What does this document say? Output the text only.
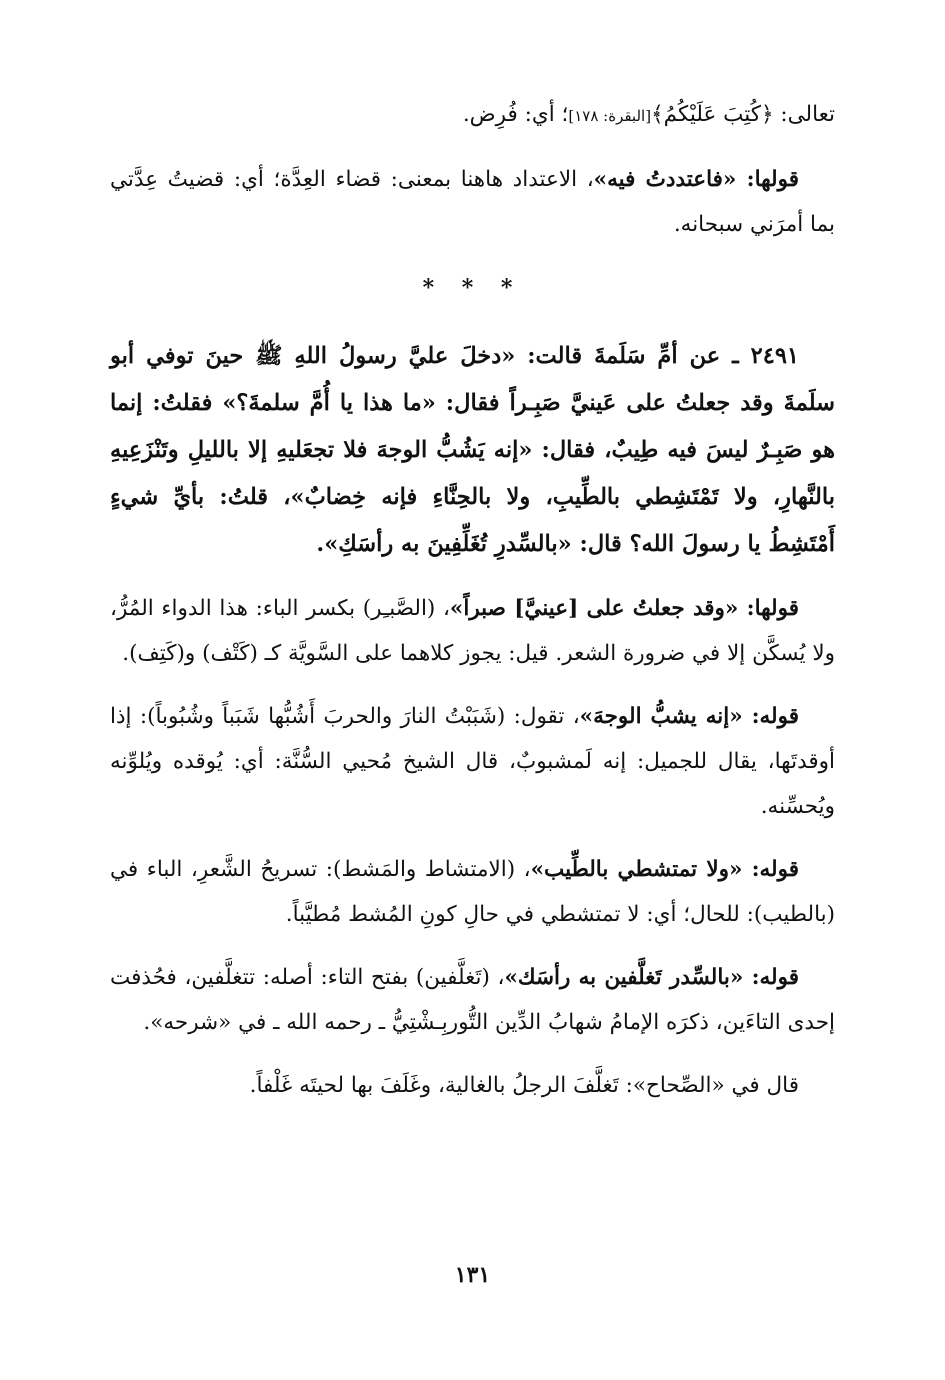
تعالى: ﴿كُتِبَ عَلَيْكُمُ﴾[البقرة: ١٧٨]؛ أي: فُرِض.

قولها: «فاعتددتُ فيه»، الاعتداد هاهنا بمعنى: قضاء العِدَّة؛ أي: قضيتُ عِدَّتي بما أمرَني سبحانه.

* * *

٢٤٩١ ـ عن أمِّ سَلَمةَ قالت: «دخلَ عليَّ رسولُ اللهِ ﷺ حينَ توفي أبو سلَمةَ وقد جعلتُ على عَينيَّ صَبِـراً فقال: «ما هذا يا أُمَّ سلمةَ؟» فقلتُ: إنما هو صَبِـرٌ ليسَ فيه طِيبٌ، فقال: «إنه يَشُبُّ الوجهَ فلا تجعَليهِ إلا بالليلِ وتَنْزَعِيهِ بالنَّهارِ، ولا تَمْتَشِطي بالطِّيبِ، ولا بالحِنَّاءِ فإنه خِضابٌ»، قلتُ: بأيِّ شيءٍ أَمْتَشِطُ يا رسولَ الله؟ قال: «بالسِّدرِ تُغَلِّفِينَ به رأسَكِ».

قولها: «وقد جعلتُ على [عينيَّ] صبراً»، (الصَّبـِر) بكسر الباء: هذا الدواء المُرُّ، ولا يُسكَّن إلا في ضرورة الشعر. قيل: يجوز كلاهما على السَّويَّة كـ (كَتْف) و(كَتِف).

قوله: «إنه يشبُّ الوجهَ»، تقول: (شَبَبْتُ النارَ والحربَ أَشُبُّها شَبَباً وشُبُوباً): إذا أوقدتَها، يقال للجميل: إنه لَمشبوبٌ، قال الشيخ مُحيي السُّنَّة: أي: يُوقده ويُلوِّنه ويُحسِّنه.

قوله: «ولا تمتشطي بالطِّيب»، (الامتشاط والمَشط): تسريحُ الشَّعرِ، الباء في (بالطيب): للحال؛ أي: لا تمتشطي في حالِ كونِ المُشط مُطيَّباً.

قوله: «بالسِّدر تَغلَّفين به رأسَك»، (تَغلَّفين) بفتح التاء: أصله: تتغلَّفين، فحُذفت إحدى التاءَين، ذكرَه الإمامُ شهابُ الدِّين التُّوربِـشْتِيُّ ـ رحمه الله ـ في «شرحه».

قال في «الصِّحاح»: تَغلَّفَ الرجلُ بالغالية، وغَلَفَ بها لحيتَه غَلْفاً.

١٣١
